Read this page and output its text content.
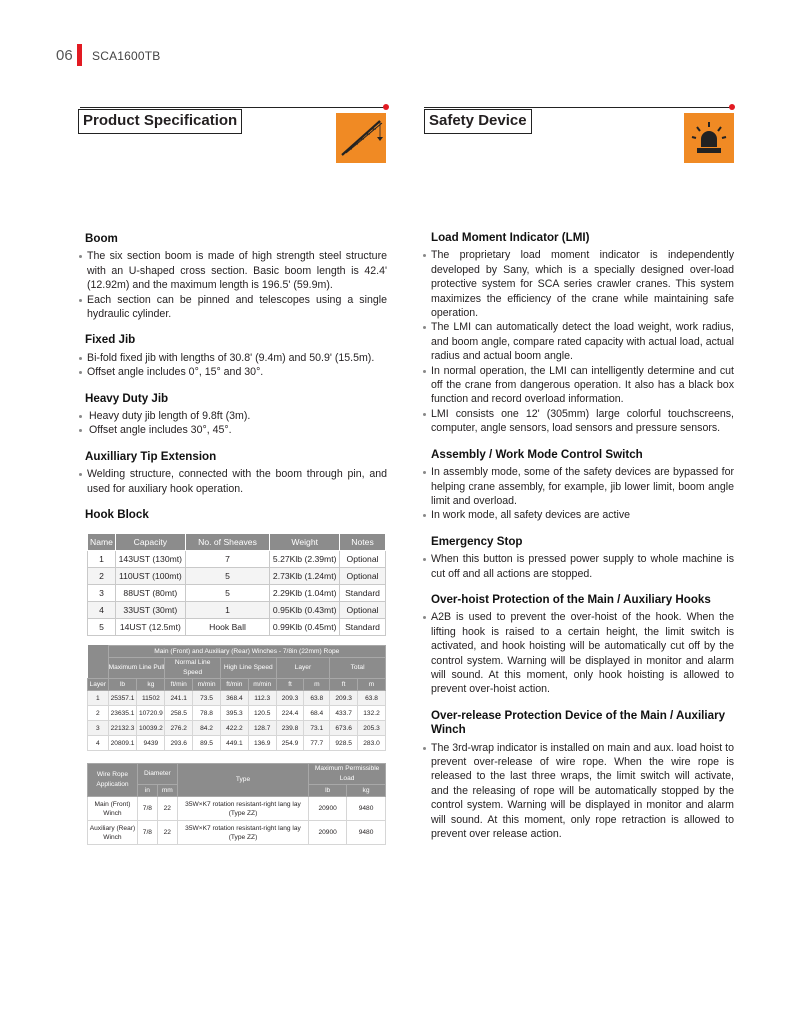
06 SCA1600TB
Product Specification	Safety Device
Boom
The six section boom is made of high strength steel structure with an U-shaped cross section. Basic boom length is 42.4' (12.92m) and the maximum length is 196.5' (59.9m).
Each section can be pinned and telescopes using a single hydraulic cylinder.
Fixed Jib
Bi-fold fixed jib with lengths of 30.8' (9.4m) and 50.9' (15.5m).
Offset angle includes 0°, 15° and 30°.
Heavy Duty Jib
Heavy duty jib length of 9.8ft (3m).
Offset angle includes 30°, 45°.
Auxilliary Tip Extension
Welding structure, connected with the boom through pin, and used for auxiliary hook operation.
Hook Block
Name	Capacity	No. of Sheaves	Weight	Notes
1	143UST (130mt)	7	5.27Klb (2.39mt)	Optional
2	110UST (100mt)	5	2.73Klb (1.24mt)	Optional
3	88UST (80mt)	5	2.29Klb (1.04mt)	Standard
4	33UST (30mt)	1	0.95Klb (0.43mt)	Optional
5	14UST (12.5mt)	Hook Ball	0.99Klb (0.45mt)	Standard

	Main (Front) and Auxiliary (Rear) Winches - 7/8in (22mm) Rope									
	Maximum Line Pull		Normal Line Speed		High Line Speed		Layer		Total	
Layer	lb	kg	ft/min	m/min	ft/min	m/min	ft	m	ft	m
1	25357.1	11502	241.1	73.5	368.4	112.3	209.3	63.8	209.3	63.8
2	23635.1	10720.9	258.5	78.8	395.3	120.5	224.4	68.4	433.7	132.2
3	22132.3	10039.2	276.2	84.2	422.2	128.7	239.8	73.1	673.6	205.3
4	20809.1	9439	293.6	89.5	449.1	136.9	254.9	77.7	928.5	283.0
Wire Rope Application	Diameter		Type	Maximum Permissible Load	
	in	mm		lb	kg
Main (Front) Winch	7/8	22	35W×K7 rotation resistant-right lang lay (Type ZZ)	20900	9480
Auxiliary (Rear) Winch	7/8	22	35W×K7 rotation resistant-right lang lay (Type ZZ)	20900	9480
Load Moment Indicator (LMI)
The proprietary load moment indicator is independently developed by Sany, which is a specially designed over-load protective system for SCA series crawler cranes. This system maximizes the efficiency of the crane while maintaining safe operation.
The LMI can automatically detect the load weight, work radius, and boom angle, compare rated capacity with actual load, actual radius and actual boom angle.
In normal operation, the LMI can intelligently determine and cut off the crane from dangerous operation. It also has a black box function and record overload information.
LMI consists one 12' (305mm) large colorful touchscreens, computer, angle sensors, load sensors and pressure sensors.
Assembly / Work Mode Control Switch
In assembly mode, some of the safety devices are bypassed for helping crane assembly, for example, jib lower limit, boom angle limit and overload.
In work mode, all safety devices are active
Emergency Stop
When this button is pressed power supply to whole machine is cut off and all actions are stopped.
Over-hoist Protection of the Main / Auxiliary Hooks
A2B is used to prevent the over-hoist of the hook. When the lifting hook is raised to a certain height, the limit switch is activated, and hook hoisting will be automatically cut off by the control system. Warning will be displayed in monitor and alarm will sound. At this moment, only hook hoisting is allowed to prevent over-hoist action.
Over-release Protection Device of the Main / Auxiliary Winch
The 3rd-wrap indicator is installed on main and aux. load hoist to prevent over-release of wire rope. When the wire rope is released to the last three wraps, the limit switch will activate, and the releasing of rope will be automatically stopped by the control system. Warning will be displayed in monitor and alarm will sound. At this moment, only rope retraction is allowed to prevent over release action.
